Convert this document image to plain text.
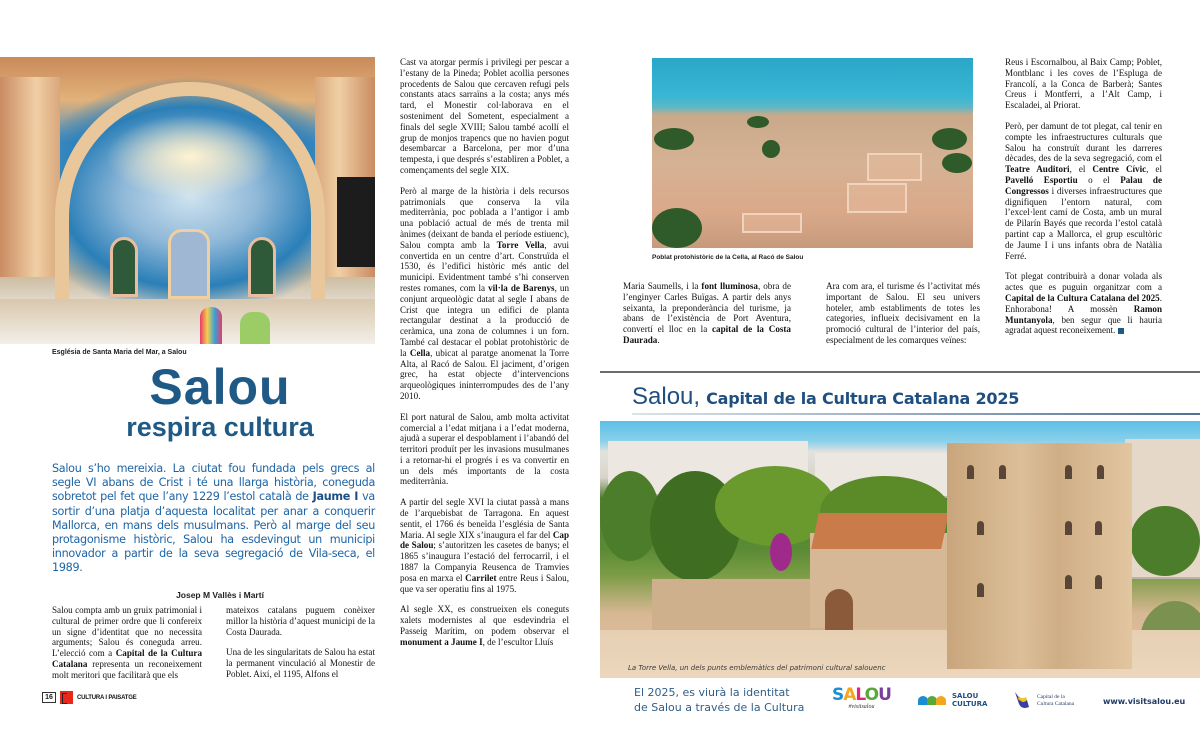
Església de Santa Maria del Mar, a Salou
Salou
respira cultura

Salou s’ho mereixia. La ciutat fou fundada pels grecs al segle VI abans de Crist i té una llarga història, coneguda sobretot pel fet que l’any 1229 l’estol català de Jaume I va sortir d’una platja d’aquesta localitat per anar a conquerir Mallorca, en mans dels musulmans. Però al marge del seu protagonisme històric, Salou ha esdevingut un municipi innovador a partir de la seva segregació de Vila-seca, el 1989.

Josep M Vallès i Martí

Salou compta amb un gruix patrimonial i cultural de primer ordre que li confereix un signe d’identitat que no necessita arguments; Salou és coneguda arreu. L’elecció com a Capital de la Cultura Catalana representa un reconeixement molt meritori que facilitarà que els

mateixos catalans puguem conèixer millor la història d’aquest municipi de la Costa Daurada.

Una de les singularitats de Salou ha estat la permanent vinculació al Monestir de Poblet. Així, el 1195, Alfons el

16	CULTURA I PAISATGE

Cast va atorgar permís i privilegi per pescar a l’estany de la Pineda; Poblet acollia persones procedents de Salou que cercaven refugi pels constants atacs sarraïns a la costa; anys més tard, el Monestir col·laborava en el sosteniment del Sometent, especialment a finals del segle XVIII; Salou també acollí el grup de monjos trapencs que no havien pogut desembarcar a Barcelona, per mor d’una tempesta, i que després s’establiren a Poblet, a començaments del segle XIX.

Però al marge de la història i dels recursos patrimonials que conserva la vila mediterrània, poc poblada a l’antigor i amb una població actual de més de trenta mil ànimes (deixant de banda el període estiuenc), Salou compta amb la Torre Vella, avui convertida en un centre d’art. Construïda el 1530, és l’edifici històric més antic del municipi. Evidentment també s’hi conserven restes romanes, com la vil·la de Barenys, un conjunt arqueològic datat al segle I abans de Crist que integra un edifici de planta rectangular destinat a la producció de ceràmica, una zona de columnes i un forn. També cal destacar el poblat protohistòric de la Cella, ubicat al paratge anomenat la Torre Alta, al Racó de Salou. El jaciment, d’origen grec, ha estat objecte d’intervencions arqueològiques ininterrompudes des de l’any 2010.

El port natural de Salou, amb molta activitat comercial a l’edat mitjana i a l’edat moderna, ajudà a superar el despoblament i l’abandó del territori produït per les invasions musulmanes i a retornar-hi el progrés i es va convertir en un dels més importants de la costa mediterrània.

A partir del segle XVI la ciutat passà a mans de l’arquebisbat de Tarragona. En aquest sentit, el 1766 és beneïda l’església de Santa Maria. Al segle XIX s’inaugura el far del Cap de Salou; s’autoritzen les casetes de banys; el 1865 s’inaugura l’estació del ferrocarril, i el 1887 la Companyia Reusenca de Tramvies posa en marxa el Carrilet entre Reus i Salou, que va ser operatiu fins al 1975.

Al segle XX, es construeixen els coneguts xalets modernistes al que esdevindria el Passeig Marítim, on podem observar el monument a Jaume I, de l’escultor Lluís

Poblat protohistòric de la Cella, al Racó de Salou

Maria Saumells, i la font lluminosa, obra de l’enginyer Carles Buïgas. A partir dels anys seixanta, la preponderància del turisme, ja abans de l’existència de Port Aventura, convertí el lloc en la capital de la Costa Daurada.

Ara com ara, el turisme és l’activitat més important de Salou. El seu univers hoteler, amb establiments de totes les categories, influeix decisivament en la promoció cultural de l’interior del país, especialment de les comarques veïnes:

Reus i Escornalbou, al Baix Camp; Poblet, Montblanc i les coves de l’Espluga de Francolí, a la Conca de Barberà; Santes Creus i Montferri, a l’Alt Camp, i Escaladei, al Priorat.

Però, per damunt de tot plegat, cal tenir en compte les infraestructures culturals que Salou ha construït durant les darreres dècades, des de la seva segregació, com el Teatre Auditori, el Centre Cívic, el Pavelló Esportiu o el Palau de Congressos i diverses infraestructures que dignifiquen l’entorn natural, com l’excel·lent camí de Costa, amb un mural de Pilarín Bayés que recorda l’estol català partint cap a Mallorca, el grup escultòric de Jaume I i uns infants obra de Natàlia Ferré.

Tot plegat contribuirà a donar volada als actes que es puguin organitzar com a Capital de la Cultura Catalana del 2025. Enhorabona! A mossèn Ramon Muntanyola, ben segur que li hauria agradat aquest reconeixement.

Salou, Capital de la Cultura Catalana 2025
La Torre Vella, un dels punts emblemàtics del patrimoni cultural salouenc
El 2025, es viurà la identitat
de Salou a través de la Cultura
SALOU
#visitsalou
SALOU
CULTURA
Capital de la
Cultura Catalana	www.visitsalou.eu
